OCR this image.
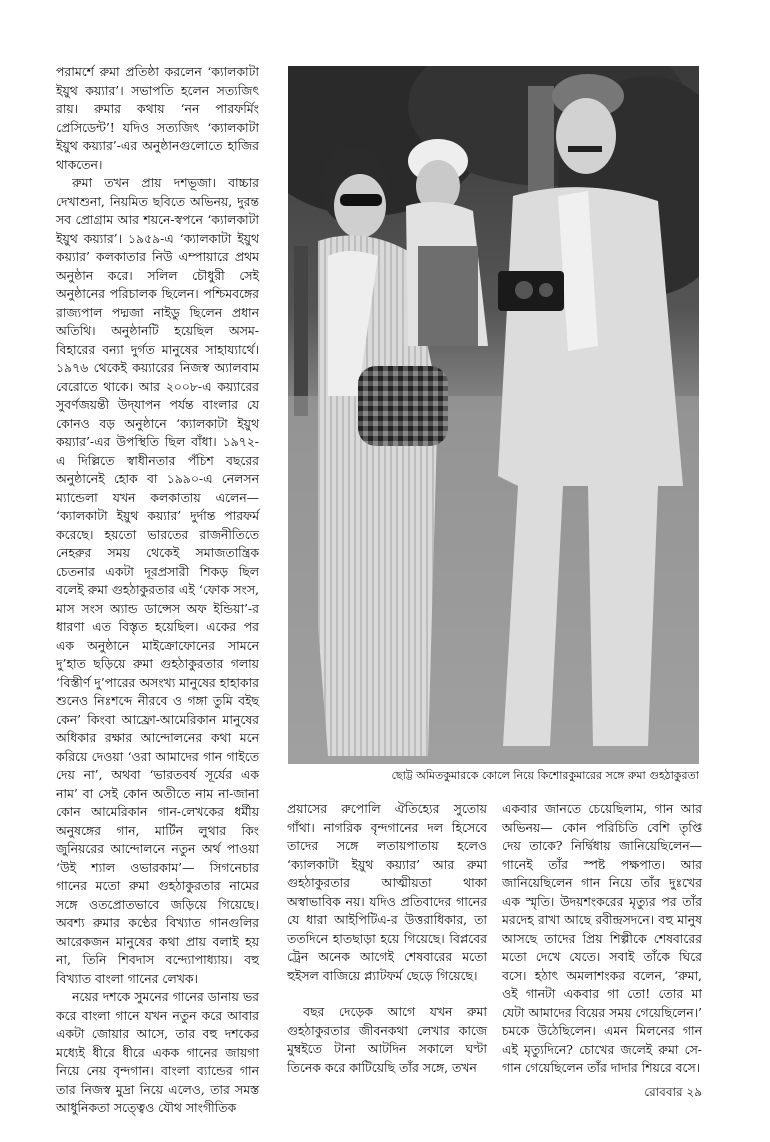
পরামর্শে রুমা প্রতিষ্ঠা করলেন ‘ক্যালকাটা ইয়ুথ কয়্যার’। সভাপতি হলেন সত্যজিৎ রায়। রুমার কথায় ‘নন পারফর্মিং প্রেসিডেন্ট’! যদিও সত্যজিৎ ‘ক্যালকাটা ইয়ুথ কয়্যার’-এর অনুষ্ঠানগুলোতে হাজির থাকতেন।

রুমা তখন প্রায় দশভূজা। বাচ্চার দেখাশুনা, নিয়মিত ছবিতে অভিনয়, দুরন্ত সব প্রোগ্রাম আর শয়নে-স্বপনে ‘ক্যালকাটা ইয়ুথ কয়্যার’। ১৯৫৯-এ ‘ক্যালকাটা ইয়ুথ কয়্যার’ কলকাতার নিউ এম্পায়ারে প্রথম অনুষ্ঠান করে। সলিল চৌধুরী সেই অনুষ্ঠানের পরিচালক ছিলেন। পশ্চিমবঙ্গের রাজ্যপাল পদ্মজা নাইডু ছিলেন প্রধান অতিথি। অনুষ্ঠানটি হয়েছিল অসম-বিহারের বন্যা দুর্গত মানুষের সাহায্যার্থে। ১৯৭৬ থেকেই কয়্যারের নিজস্ব অ্যালবাম বেরোতে থাকে। আর ২০০৮-এ কয়্যারের সুবর্ণজয়ন্তী উদ্‌যাপন পর্যন্ত বাংলার যে কোনও বড় অনুষ্ঠানে ‘ক্যালকাটা ইয়ুথ কয়্যার’-এর উপস্থিতি ছিল বাঁধা। ১৯৭২-এ দিল্লিতে স্বাধীনতার পঁচিশ বছরের অনুষ্ঠানেই হোক বা ১৯৯০-এ নেলসন ম্যান্ডেলা যখন কলকাতায় এলেন— ‘ক্যালকাটা ইয়ুথ কয়্যার’ দুর্দান্ত পারফর্ম করেছে। হয়তো ভারতের রাজনীতিতে নেহরুর সময় থেকেই সমাজতান্ত্রিক চেতনার একটা দূরপ্রসারী শিকড় ছিল বলেই রুমা গুহঠাকুরতার এই ‘ফোক সংস, মাস সংস অ্যান্ড ডান্সেস অফ ইন্ডিয়া’-র ধারণা এত বিস্তৃত হয়েছিল। একের পর এক অনুষ্ঠানে মাইক্রোফোনের সামনে দু’হাত ছড়িয়ে রুমা গুহঠাকুরতার গলায় ‘বিস্তীর্ণ দু’পারের অসংখ্য মানুষের হাহাকার শুনেও নিঃশব্দে নীরবে ও গঙ্গা তুমি বইছ কেন’ কিংবা আফ্রো-আমেরিকান মানুষের অধিকার রক্ষার আন্দোলনের কথা মনে করিয়ে দেওয়া ‘ওরা আমাদের গান গাইতে দেয় না’, অথবা ‘ভারতবর্ষ সূর্যের এক নাম’ বা সেই কোন অতীতে নাম না-জানা কোন আমেরিকান গান-লেখকের ধর্মীয় অনুষঙ্গের গান, মার্টিন লুথার কিং জুনিয়রের আন্দোলনে নতুন অর্থ পাওয়া ‘উই শ্যাল ওভারকাম’— সিগনেচার গানের মতো রুমা গুহঠাকুরতার নামের সঙ্গে ওতপ্রোতভাবে জড়িয়ে গিয়েছে। অবশ্য রুমার কণ্ঠের বিখ্যাত গানগুলির আরেকজন মানুষের কথা প্রায় বলাই হয় না, তিনি শিবদাস বন্দ্যোপাধ্যায়। বহু বিখ্যাত বাংলা গানের লেখক।

নয়ের দশকে সুমনের গানের ডানায় ভর করে বাংলা গানে যখন নতুন করে আবার একটা জোয়ার আসে, তার বহু দশকের মধ্যেই ধীরে ধীরে একক গানের জায়গা নিয়ে নেয় বৃন্দগান। বাংলা ব্যান্ডের গান তার নিজস্ব মুদ্রা নিয়ে এলেও, তার সমস্ত আধুনিকতা সত্ত্বেও যৌথ সাংগীতিক

ছোট্ট অমিতকুমারকে কোলে নিয়ে কিশোরকুমারের সঙ্গে রুমা গুহঠাকুরতা

প্রয়াসের রুপোলি ঐতিহ্যের সুতোয় গাঁথা। নাগরিক বৃন্দগানের দল হিসেবে তাদের সঙ্গে লতায়পাতায় হলেও ‘ক্যালকাটা ইয়ুথ কয়্যার’ আর রুমা গুহঠাকুরতার আত্মীয়তা থাকা অস্বাভাবিক নয়। যদিও প্রতিবাদের গানের যে ধারা আইপিটিএ-র উত্তরাধিকার, তা ততদিনে হাতছাড়া হয়ে গিয়েছে। বিপ্লবের ট্রেন অনেক আগেই শেষবারের মতো হুইসল বাজিয়ে প্ল্যাটফর্ম ছেড়ে গিয়েছে।

বছর দেড়েক আগে যখন রুমা গুহঠাকুরতার জীবনকথা লেখার কাজে মুম্বইতে টানা আটদিন সকালে ঘণ্টা তিনেক করে কাটিয়েছি তাঁর সঙ্গে, তখন

একবার জানতে চেয়েছিলাম, গান আর অভিনয়— কোন পরিচিতি বেশি তৃপ্তি দেয় তাকে? নির্দ্বিধায় জানিয়েছিলেন— গানেই তাঁর স্পষ্ট পক্ষপাত। আর জানিয়েছিলেন গান নিয়ে তাঁর দুঃখের এক স্মৃতি। উদয়শংকরের মৃত্যুর পর তাঁর মরদেহ রাখা আছে রবীন্দ্রসদনে। বহু মানুষ আসছে তাদের প্রিয় শিল্পীকে শেষবারের মতো দেখে যেতে। সবাই তাঁকে ঘিরে বসে। হঠাৎ অমলাশংকর বলেন, ‘রুমা, ওই গানটা একবার গা তো! তোর মা যেটা আমাদের বিয়ের সময় গেয়েছিলেন।’ চমকে উঠেছিলেন। এমন মিলনের গান এই মৃত্যুদিনে? চোখের জলেই রুমা সে-গান গেয়েছিলেন তাঁর দাদার শিয়রে বসে।

রোববার ২৯
